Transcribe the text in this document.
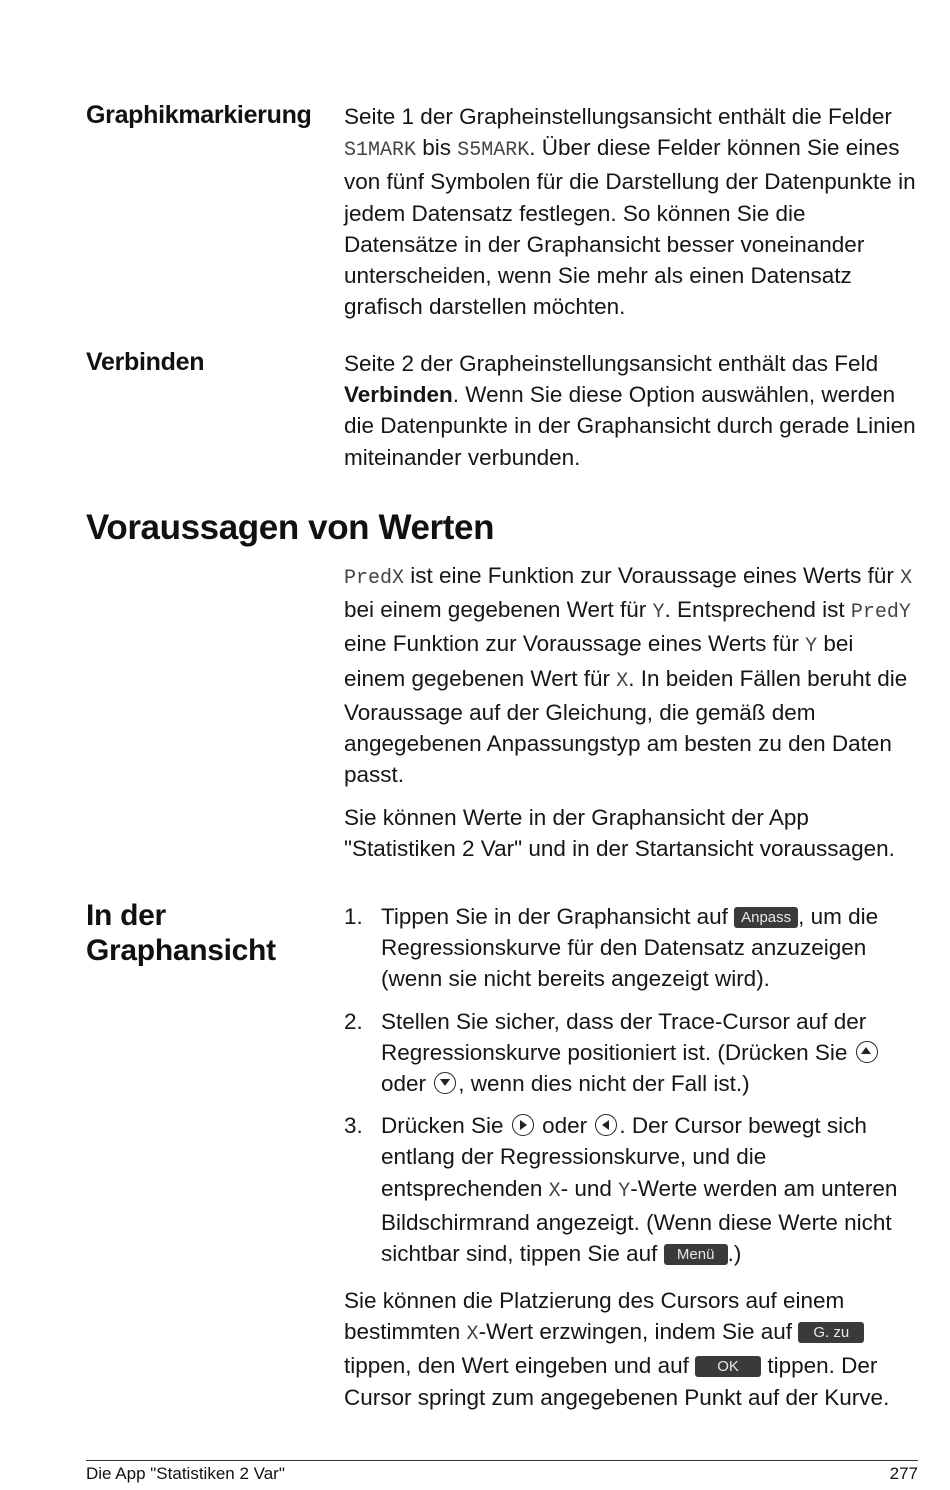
Graphikmarkierung Seite 1 der Grapheinstellungsansicht enthält die Felder S1MARK bis S5MARK. Über diese Felder können Sie eines von fünf Symbolen für die Darstellung der Datenpunkte in jedem Datensatz festlegen. So können Sie die Datensätze in der Graphansicht besser voneinander unterscheiden, wenn Sie mehr als einen Datensatz grafisch darstellen möchten.
Verbinden	Seite 2 der Grapheinstellungsansicht enthält das Feld Verbinden. Wenn Sie diese Option auswählen, werden die Datenpunkte in der Graphansicht durch gerade Linien miteinander verbunden.
Voraussagen von Werten
PredX ist eine Funktion zur Voraussage eines Werts für X bei einem gegebenen Wert für Y. Entsprechend ist PredY eine Funktion zur Voraussage eines Werts für Y bei einem gegebenen Wert für X. In beiden Fällen beruht die Voraussage auf der Gleichung, die gemäß dem angegebenen Anpassungstyp am besten zu den Daten passt.
Sie können Werte in der Graphansicht der App "Statistiken 2 Var" und in der Startansicht voraussagen.
In der
Graphansicht
1. Tippen Sie in der Graphansicht auf Anpass , um die Regressionskurve für den Datensatz anzuzeigen (wenn sie nicht bereits angezeigt wird).
2. Stellen Sie sicher, dass der Trace-Cursor auf der Regressionskurve positioniert ist. (Drücken Sie  oder , wenn dies nicht der Fall ist.)
3. Drücken Sie  oder . Der Cursor bewegt sich entlang der Regressionskurve, und die entsprechenden X- und Y-Werte werden am unteren Bildschirmrand angezeigt. (Wenn diese Werte nicht sichtbar sind, tippen Sie auf Menü .)
Sie können die Platzierung des Cursors auf einem bestimmten X-Wert erzwingen, indem Sie auf G. zu tippen, den Wert eingeben und auf OK tippen. Der Cursor springt zum angegebenen Punkt auf der Kurve.
Die App "Statistiken 2 Var"	277
